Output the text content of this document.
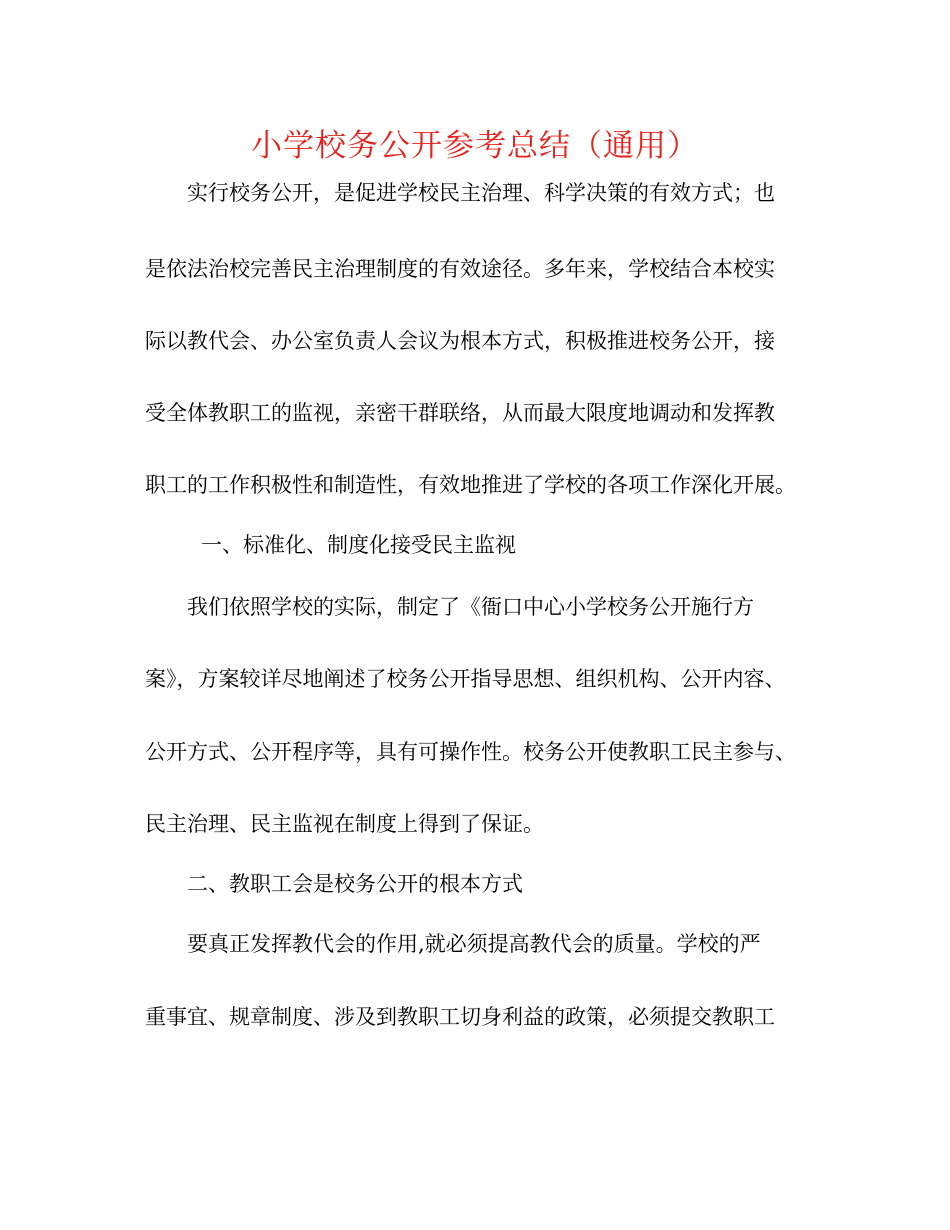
小学校务公开参考总结（通用）

实行校务公开，是促进学校民主治理、科学决策的有效方式；也

是依法治校完善民主治理制度的有效途径。多年来，学校结合本校实

际以教代会、办公室负责人会议为根本方式，积极推进校务公开，接

受全体教职工的监视，亲密干群联络，从而最大限度地调动和发挥教

职工的工作积极性和制造性，有效地推进了学校的各项工作深化开展。

一、标准化、制度化接受民主监视

我们依照学校的实际，制定了《衙口中心小学校务公开施行方

案》，方案较详尽地阐述了校务公开指导思想、组织机构、公开内容、

公开方式、公开程序等，具有可操作性。校务公开使教职工民主参与、

民主治理、民主监视在制度上得到了保证。

二、教职工会是校务公开的根本方式

要真正发挥教代会的作用,就必须提高教代会的质量。学校的严

重事宜、规章制度、涉及到教职工切身利益的政策，必须提交教职工
